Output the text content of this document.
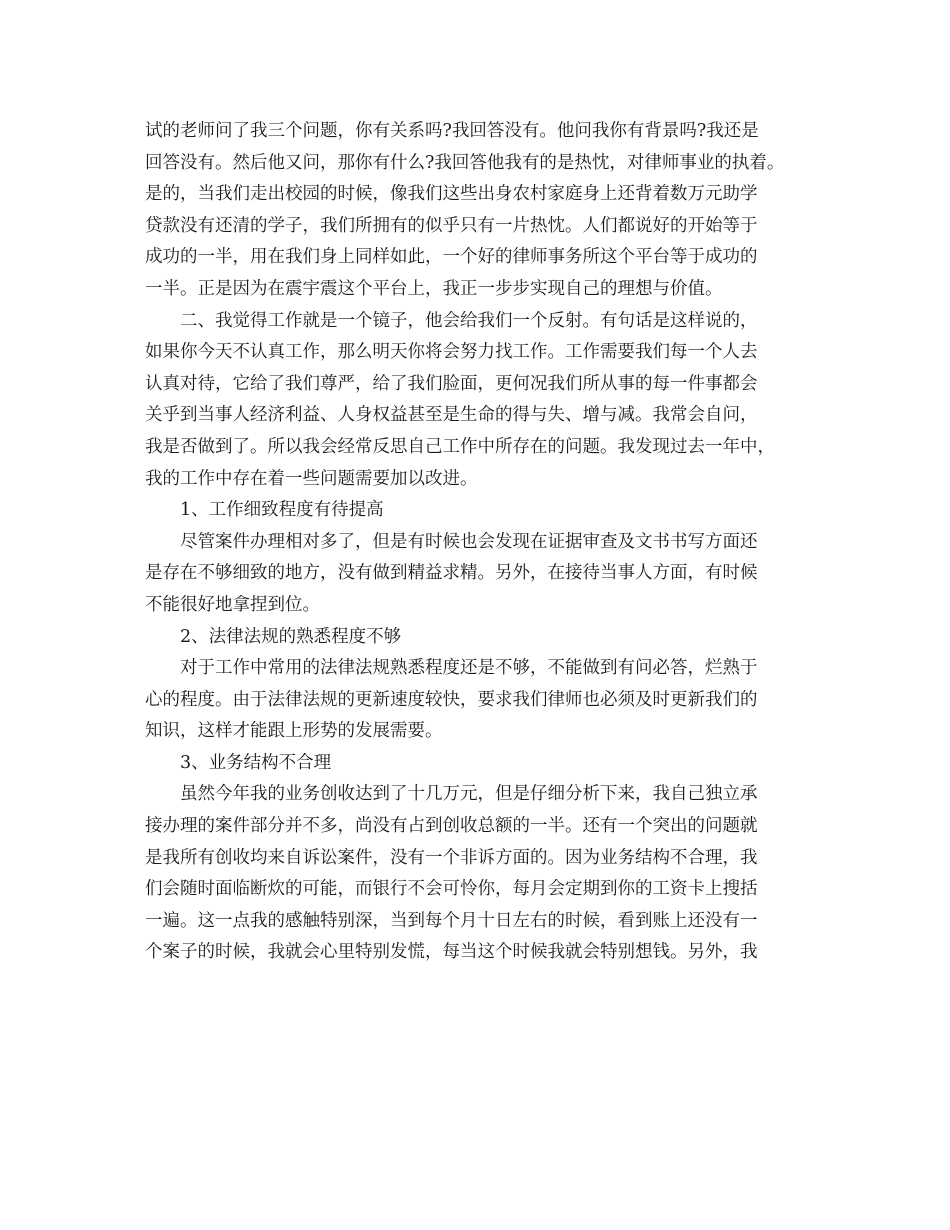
试的老师问了我三个问题，你有关系吗?我回答没有。他问我你有背景吗?我还是
回答没有。然后他又问，那你有什么?我回答他我有的是热忱，对律师事业的执着。
是的，当我们走出校园的时候，像我们这些出身农村家庭身上还背着数万元助学
贷款没有还清的学子，我们所拥有的似乎只有一片热忱。人们都说好的开始等于
成功的一半，用在我们身上同样如此，一个好的律师事务所这个平台等于成功的
一半。正是因为在震宇震这个平台上，我正一步步实现自己的理想与价值。
二、我觉得工作就是一个镜子，他会给我们一个反射。有句话是这样说的，
如果你今天不认真工作，那么明天你将会努力找工作。工作需要我们每一个人去
认真对待，它给了我们尊严，给了我们脸面，更何况我们所从事的每一件事都会
关乎到当事人经济利益、人身权益甚至是生命的得与失、增与减。我常会自问，
我是否做到了。所以我会经常反思自己工作中所存在的问题。我发现过去一年中，
我的工作中存在着一些问题需要加以改进。
1、工作细致程度有待提高
尽管案件办理相对多了，但是有时候也会发现在证据审查及文书书写方面还
是存在不够细致的地方，没有做到精益求精。另外，在接待当事人方面，有时候
不能很好地拿捏到位。
2、法律法规的熟悉程度不够
对于工作中常用的法律法规熟悉程度还是不够，不能做到有问必答，烂熟于
心的程度。由于法律法规的更新速度较快，要求我们律师也必须及时更新我们的
知识，这样才能跟上形势的发展需要。
3、业务结构不合理
虽然今年我的业务创收达到了十几万元，但是仔细分析下来，我自己独立承
接办理的案件部分并不多，尚没有占到创收总额的一半。还有一个突出的问题就
是我所有创收均来自诉讼案件，没有一个非诉方面的。因为业务结构不合理，我
们会随时面临断炊的可能，而银行不会可怜你，每月会定期到你的工资卡上搜括
一遍。这一点我的感触特别深，当到每个月十日左右的时候，看到账上还没有一
个案子的时候，我就会心里特别发慌，每当这个时候我就会特别想钱。另外，我
